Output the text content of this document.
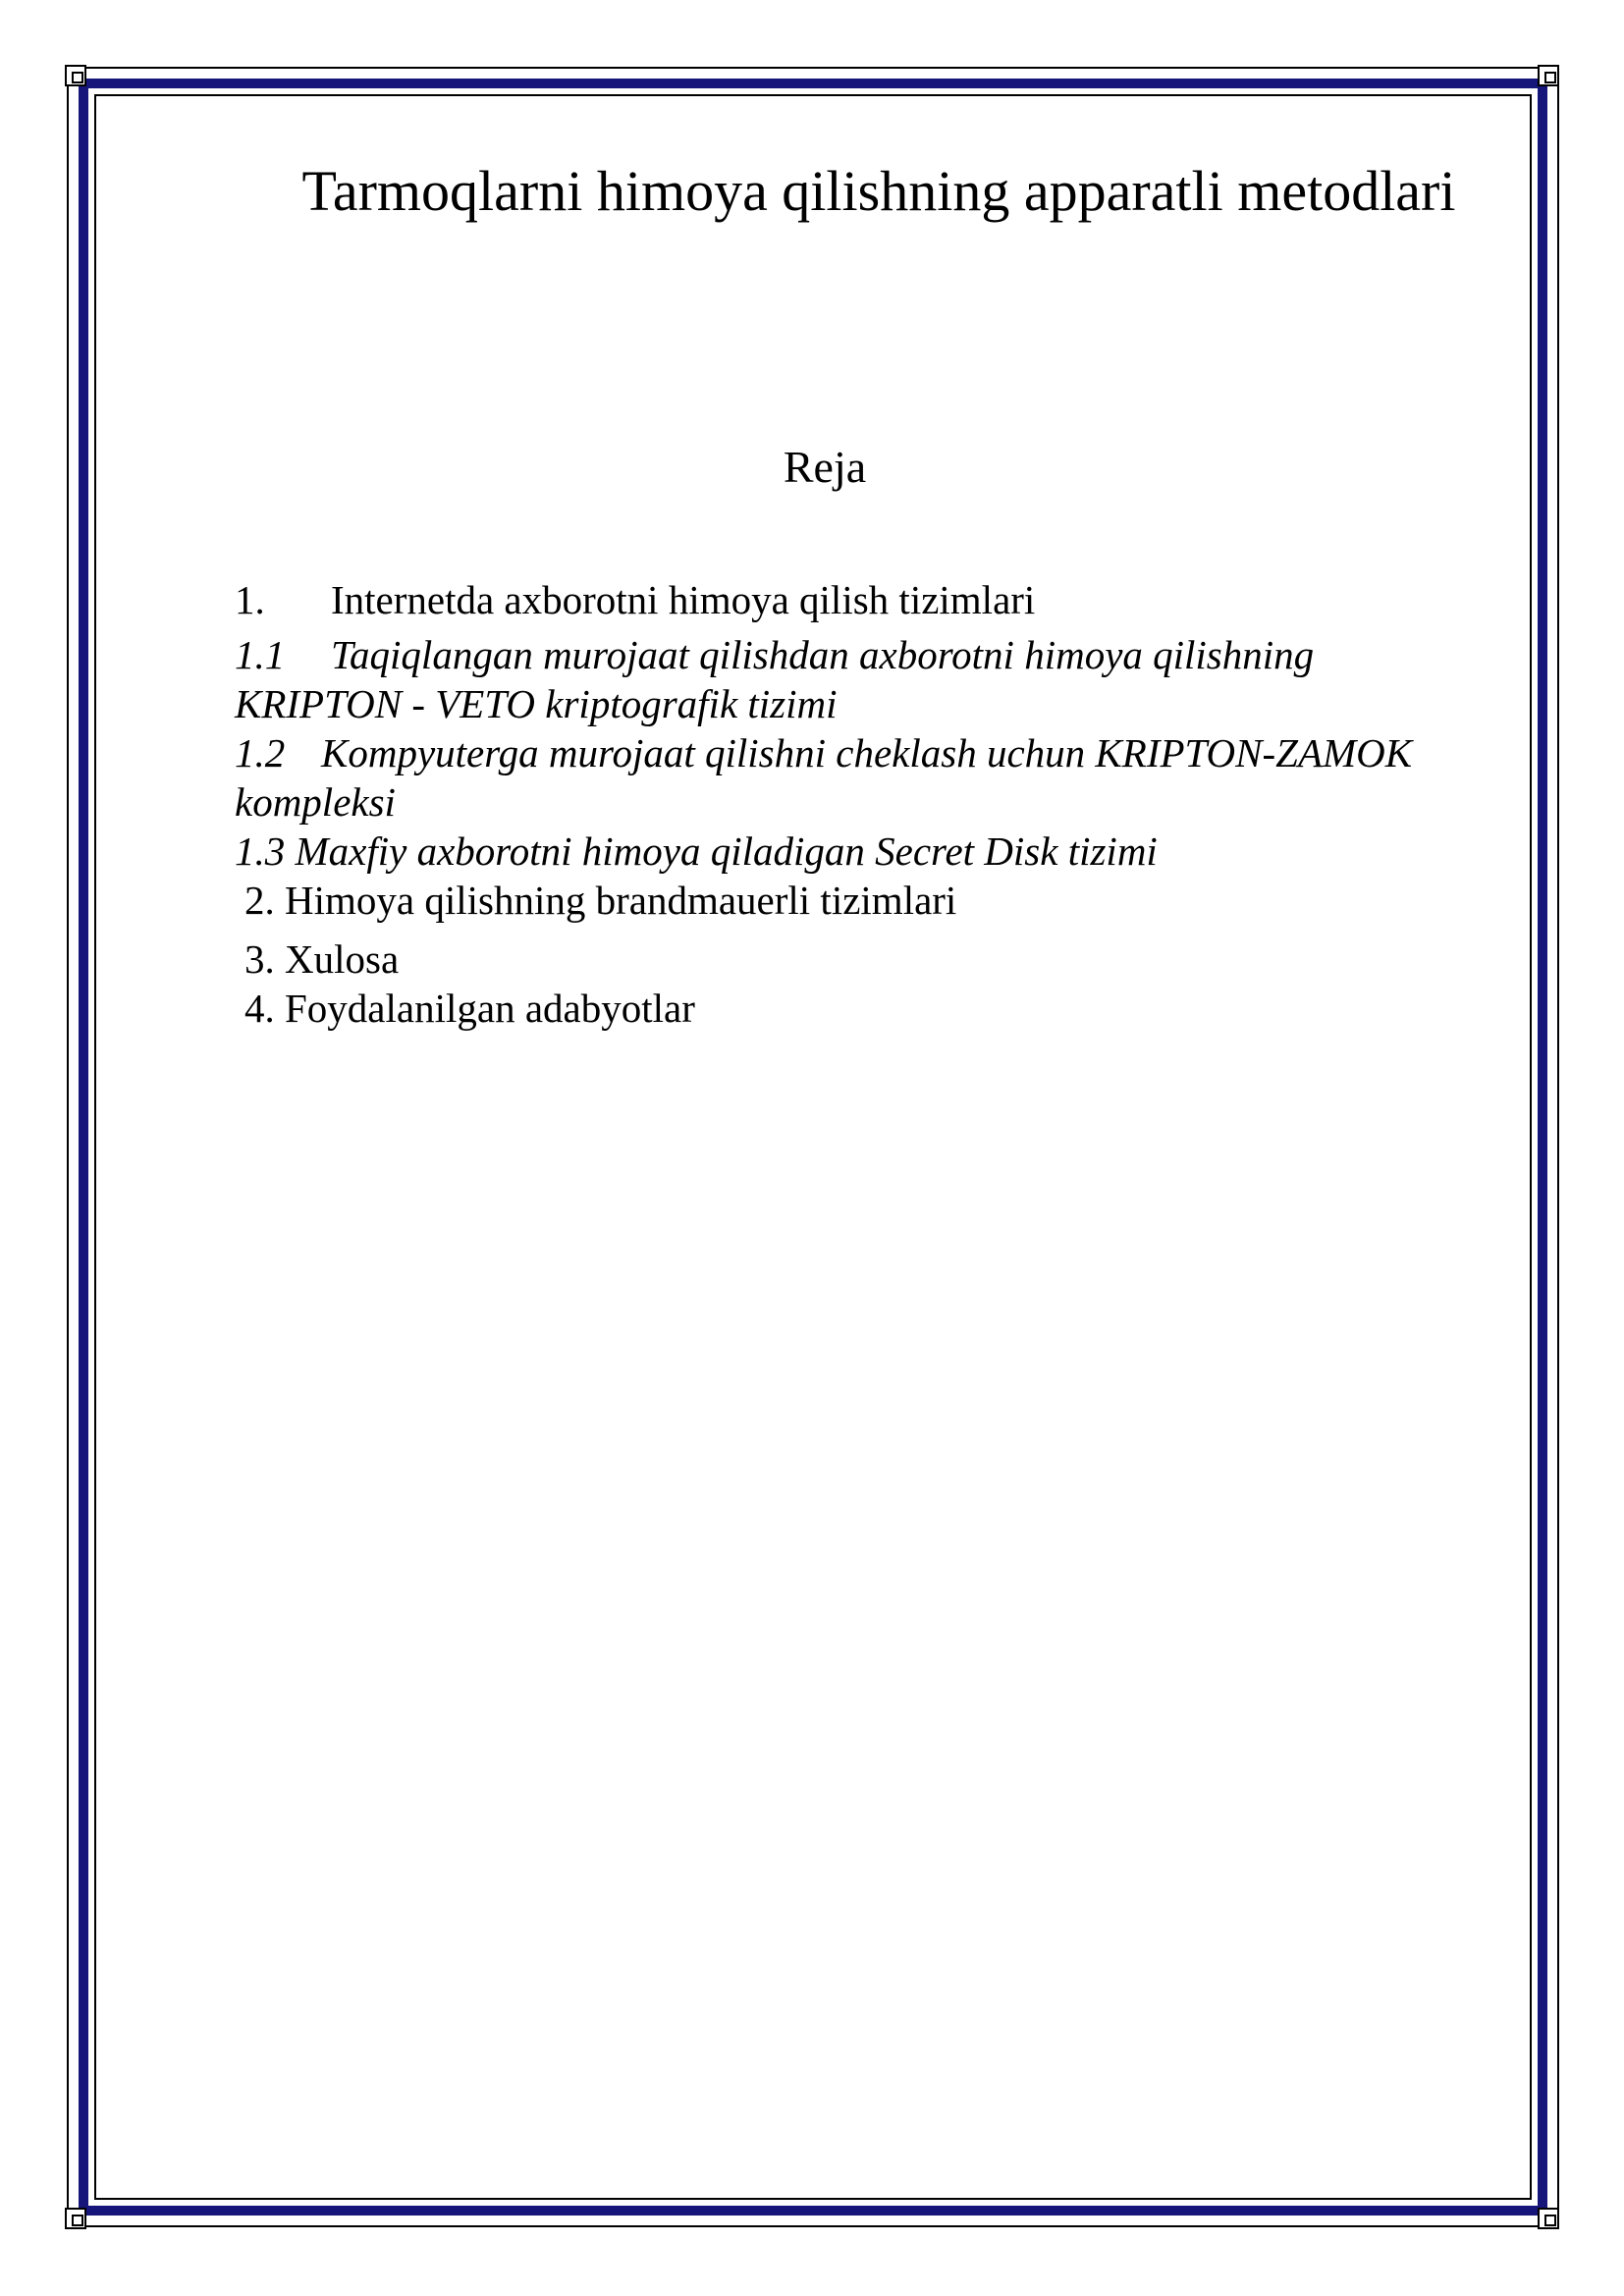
Tarmoqlarni himoya qilishning apparatli metodlari
Reja
1. Internetda axborotni himoya qilish tizimlari
1.1 Taqiqlangan murojaat qilishdan axborotni himoya qilishning
KRIPTON - VETO kriptografik tizimi
1.2 Kompyuterga murojaat qilishni cheklash uchun KRIPTON-ZAMOK
kompleksi
1.3 Maxfiy axborotni himoya qiladigan Secret Disk tizimi
2. Himoya qilishning brandmauerli tizimlari
3. Xulosa
4. Foydalanilgan adabyotlar
